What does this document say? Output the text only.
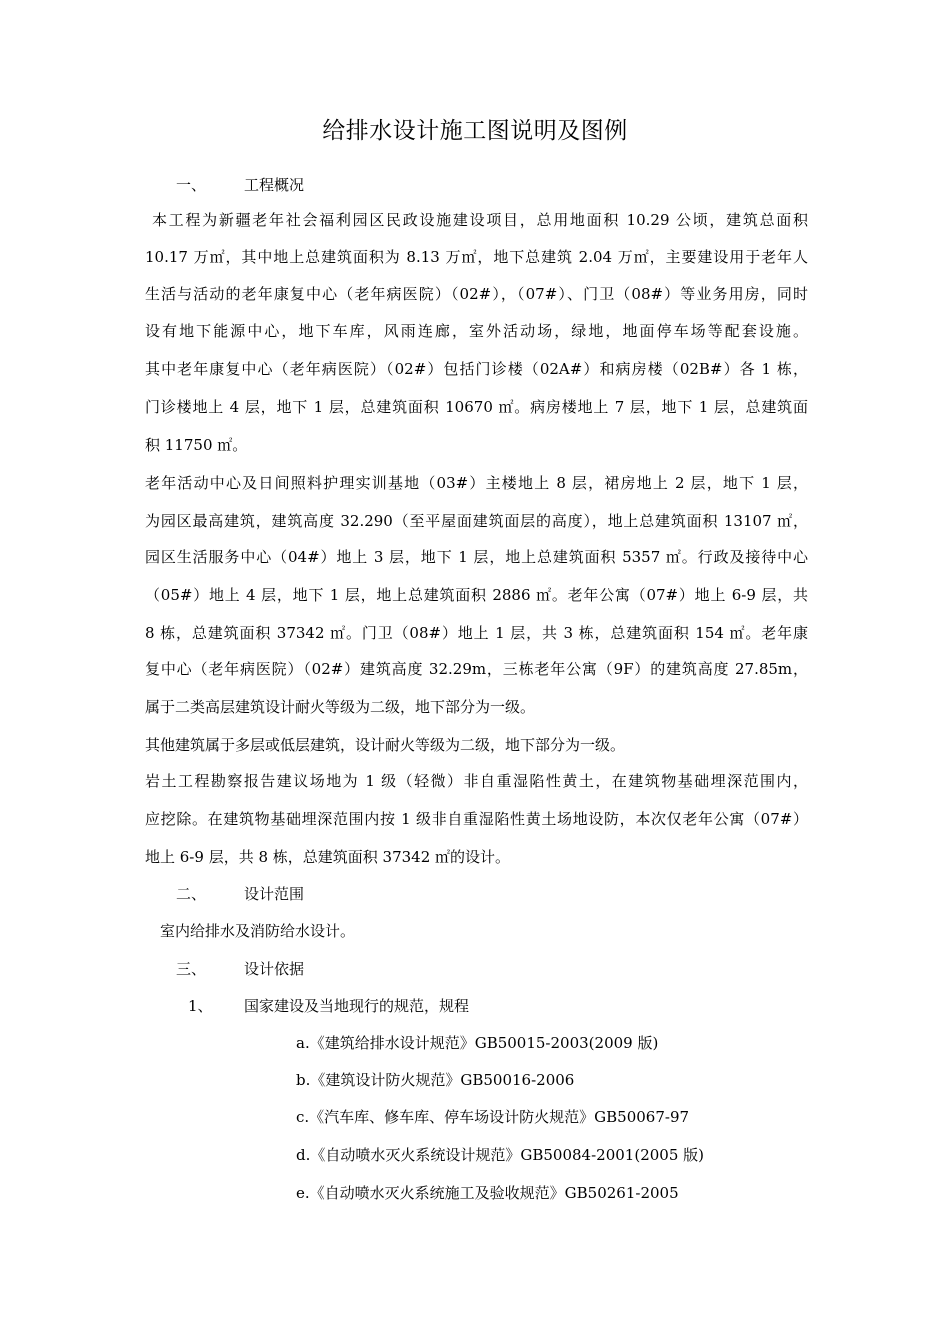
给排水设计施工图说明及图例
一、	工程概况
本工程为新疆老年社会福利园区民政设施建设项目，总用地面积 10.29 公顷，建筑总面积
10.17 万㎡，其中地上总建筑面积为 8.13 万㎡，地下总建筑 2.04 万㎡，主要建设用于老年人
生活与活动的老年康复中心（老年病医院）（02#），（07#）、门卫（08#）等业务用房，同时
设有地下能源中心，地下车库，风雨连廊，室外活动场，绿地，地面停车场等配套设施。
其中老年康复中心（老年病医院）（02#）包括门诊楼（02A#）和病房楼（02B#）各 1 栋，
门诊楼地上 4 层，地下 1 层，总建筑面积 10670 ㎡。病房楼地上 7 层，地下 1 层，总建筑面
积 11750 ㎡。
老年活动中心及日间照料护理实训基地（03#）主楼地上 8 层，裙房地上 2 层，地下 1 层，
为园区最高建筑，建筑高度 32.290（至平屋面建筑面层的高度），地上总建筑面积 13107 ㎡，
园区生活服务中心（04#）地上 3 层，地下 1 层，地上总建筑面积 5357 ㎡。行政及接待中心
（05#）地上 4 层，地下 1 层，地上总建筑面积 2886 ㎡。老年公寓（07#）地上 6-9 层，共
8 栋，总建筑面积 37342 ㎡。门卫（08#）地上 1 层，共 3 栋，总建筑面积 154 ㎡。老年康
复中心（老年病医院）（02#）建筑高度 32.29m，三栋老年公寓（9F）的建筑高度 27.85m，
属于二类高层建筑设计耐火等级为二级，地下部分为一级。
其他建筑属于多层或低层建筑，设计耐火等级为二级，地下部分为一级。
岩土工程勘察报告建议场地为 1 级（轻微）非自重湿陷性黄土，在建筑物基础埋深范围内，
应挖除。在建筑物基础埋深范围内按 1 级非自重湿陷性黄土场地设防，本次仅老年公寓（07#）
地上 6-9 层，共 8 栋，总建筑面积 37342 ㎡的设计。
二、	设计范围
室内给排水及消防给水设计。
三、	设计依据
1、 国家建设及当地现行的规范，规程
a.《建筑给排水设计规范》GB50015-2003(2009 版)
b.《建筑设计防火规范》GB50016-2006
c.《汽车库、修车库、停车场设计防火规范》GB50067-97
d.《自动喷水灭火系统设计规范》GB50084-2001(2005 版)
e.《自动喷水灭火系统施工及验收规范》GB50261-2005
